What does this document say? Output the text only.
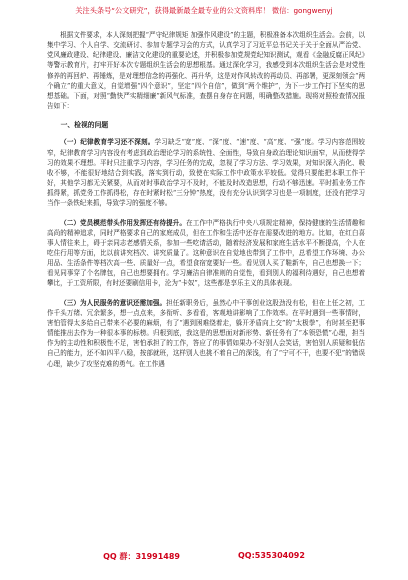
关注头条号“公文研究”，获得最新最全最专业的公文资料库！ 微信：gongwenyj

根据文件要求，本人深刻把握“严守纪律规矩 加强作风建设”的主题，积极准备本次组织生活会。会前，以集中学习、个人自学、交流研讨、参加专题学习会的方式，认真学习了习近平总书记关于关于全面从严治党、党风廉政建设、纪律建设、廉洁文化建设的重要论述，并积极参加党规党纪知识测试，观看《金融反腐正风纪》等警示教育片，打牢开好本次专题组织生活会的思想根基。通过深化学习，我感受到本次组织生活会是对党性修养的再回炉、再锤炼，是对理想信念的再强化、再升华，这是对作风转改的再动员、再部署，更深刻领会“两个确立”的重大意义，自觉增强“四个意识”，坚定“四个自信”，做到“两个维护”，为下一步工作打下坚实的思想基础。下面，对照“勤快严实精细廉”新风气标准，查摆自身存在问题，明确整改措施。现将对照检查情况报告如下：

一、检视的问题

（一）纪律教育学习还不深刻。学习缺乏“宽”度、“深”度、“速”度、“高”度、“强”度。学习内容范围较窄，纪律教育学习内容没有考虑到政治理论学习的系统性、全面性，导致自身政治理论知识面窄，从而使得学习的效果不理想。平时只注重学习内容，学习任务的完成，忽视了学习方法、学习效果，对知识深入消化、吸收不够，不能很好地结合到实践，落实到行动，致使在实际工作中政策水平较低。觉得只要能把本职工作干好，其他学习都无关紧要，从而对时事政治学习不及时，不能及时改造思想，行动不够迅速。平时抓业务工作抓得紧，抓党务工作抓得松，存在时紧时松“三分钟”热度，没有充分认识到学习也是一项制度，还没有把学习当作一条铁纪来抓，导致学习的强度不够。

（二）党员模范带头作用发挥还有待提升。在工作中严格执行中央八项规定精神，保持健康的生活情趣和高尚的精神追求，同时严格要求自己的家庭成员，但在工作和生活中还存在需要改进的地方。比如，在红白喜事人情往来上，碍于亲同志老感情关系，参加一些吃请活动，随着经济发展和家庭生活水平不断提高，个人在吃住行用等方面，比以前讲究档次、讲究质量了。这种意识在自觉地也带到了工作中，总希望工作环境、办公用品、生活条件等档次高一些、质量好一点，希望食宿宽要好一些。看见别人买了鞋新车，自己也想换一下；看见同事穿了个名牌包，自己也想要拥有。学习廉洁自律准则的自觉性，看到别人的福利待遇好，自己也想着攀比，于工资所限，有时还要刷信用卡，沦为“卡奴”，这些都是享乐主义的具体表现。

（三）为人民服务的意识还需加强。担任新职务后，虽然心中干事创业这股劲没有松，但在上任之初，工作千头万绪、冗余繁多，想一点点来，多衔听、多看看，客观地讲影响了工作效率。在平时遇到一些事情时，害怕管得太多给自己带来不必要的麻烦，有了“遇到困难绕着走，躲开矛盾向上交”的“太极拳”，有时甚至把事情能推出去作为一种很本事的标榜。归根到底，我这是的思想面对新形势、新任务有了“本领恐慌”心理，担当作为的主动性和积极性不足，害怕承担了的工作，答应了的事情如果办不好别人会笑话，害怕别人质疑和低估自己的能力，还不如四平八稳，按部就班，这样别人也挑不着自己的深浅，有了“宁可不干，也要不犯”的错误心理，缺少了攻坚克难的勇气。在工作遇

QQ 群：31991489	QQ:535304092
